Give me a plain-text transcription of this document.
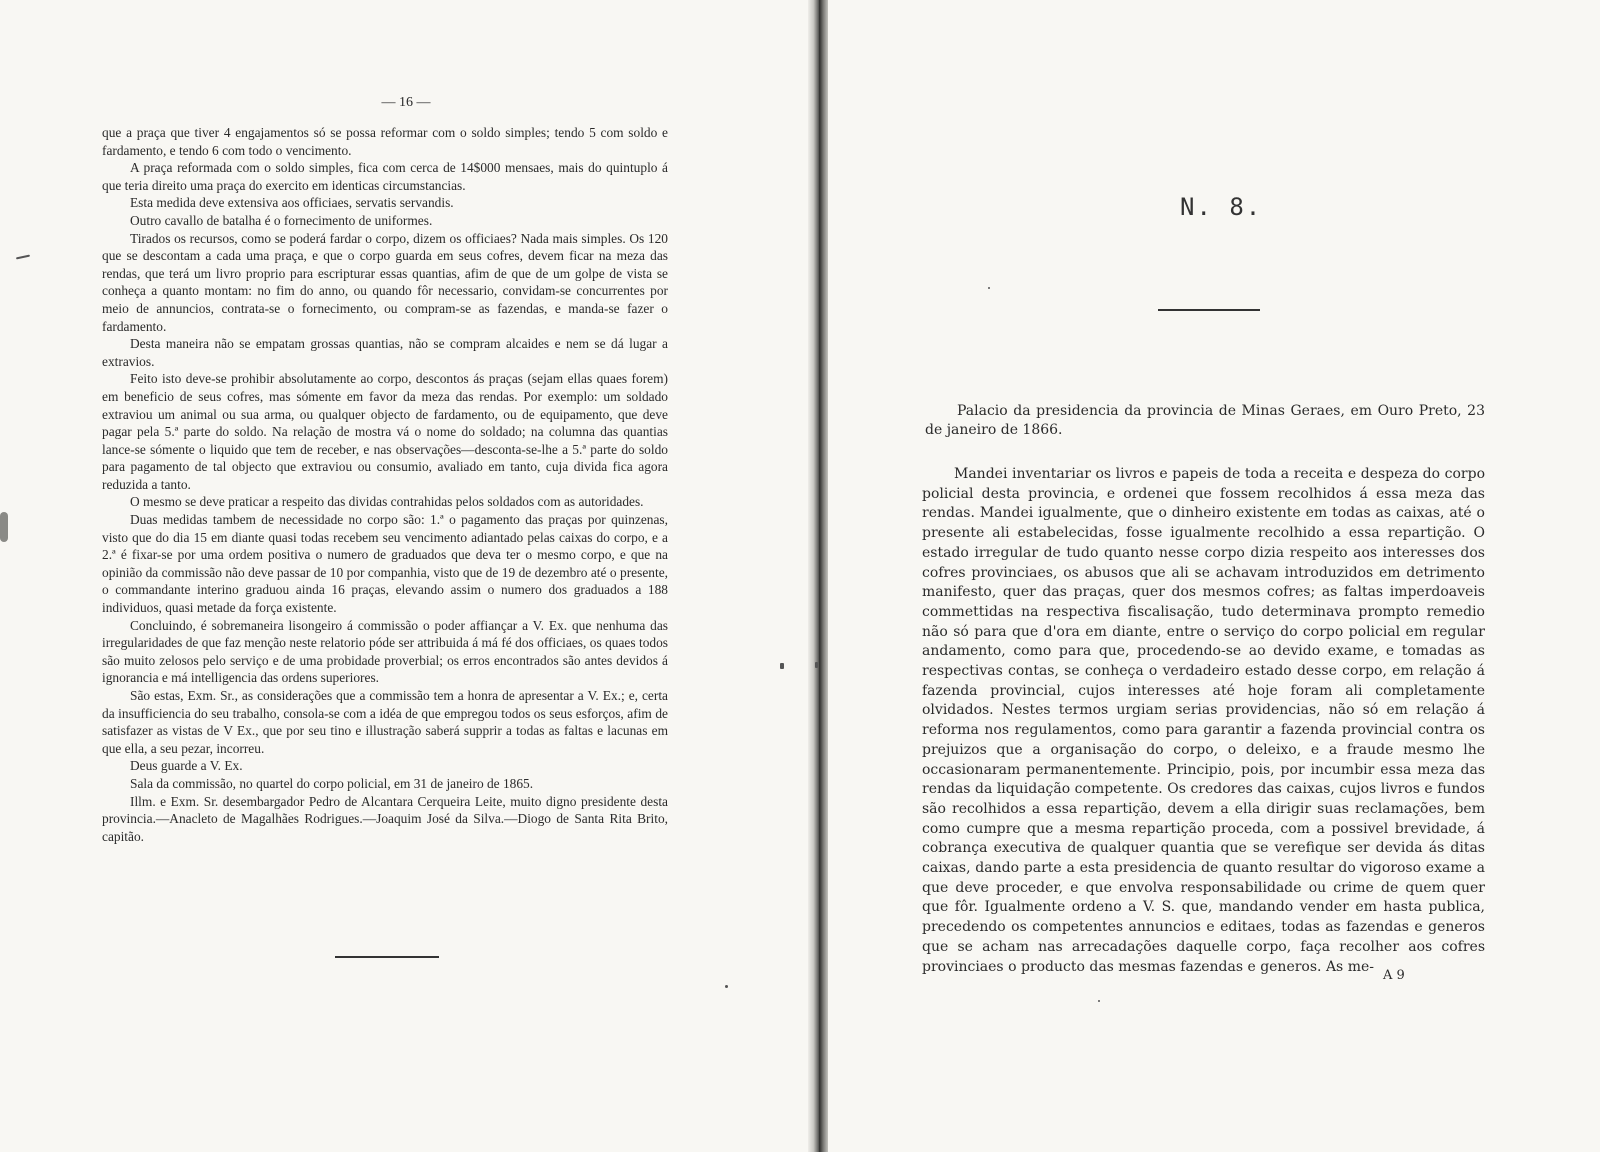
— 16 —

que a praça que tiver 4 engajamentos só se possa reformar com o soldo simples; tendo 5 com soldo e fardamento, e tendo 6 com todo o vencimento.

A praça reformada com o soldo simples, fica com cerca de 14$000 mensaes, mais do quintuplo á que teria direito uma praça do exercito em identicas circumstancias.

Esta medida deve extensiva aos officiaes, servatis servandis.

Outro cavallo de batalha é o fornecimento de uniformes.

Tirados os recursos, como se poderá fardar o corpo, dizem os officiaes? Nada mais simples. Os 120 que se descontam a cada uma praça, e que o corpo guarda em seus cofres, devem ficar na meza das rendas, que terá um livro proprio para escripturar essas quantias, afim de que de um golpe de vista se conheça a quanto montam: no fim do anno, ou quando fôr necessario, convidam-se concurrentes por meio de annuncios, contrata-se o fornecimento, ou compram-se as fazendas, e manda-se fazer o fardamento.

Desta maneira não se empatam grossas quantias, não se compram alcaides e nem se dá lugar a extravios.

Feito isto deve-se prohibir absolutamente ao corpo, descontos ás praças (sejam ellas quaes forem) em beneficio de seus cofres, mas sómente em favor da meza das rendas. Por exemplo: um soldado extraviou um animal ou sua arma, ou qualquer objecto de fardamento, ou de equipamento, que deve pagar pela 5.ª parte do soldo. Na relação de mostra vá o nome do soldado; na columna das quantias lance-se sómente o liquido que tem de receber, e nas observações—desconta-se-lhe a 5.ª parte do soldo para pagamento de tal objecto que extraviou ou consumio, avaliado em tanto, cuja divida fica agora reduzida a tanto.

O mesmo se deve praticar a respeito das dividas contrahidas pelos soldados com as autoridades.

Duas medidas tambem de necessidade no corpo são: 1.ª o pagamento das praças por quinzenas, visto que do dia 15 em diante quasi todas recebem seu vencimento adiantado pelas caixas do corpo, e a 2.ª é fixar-se por uma ordem positiva o numero de graduados que deva ter o mesmo corpo, e que na opinião da commissão não deve passar de 10 por companhia, visto que de 19 de dezembro até o presente, o commandante interino graduou ainda 16 praças, elevando assim o numero dos graduados a 188 individuos, quasi metade da força existente.

Concluindo, é sobremaneira lisongeiro á commissão o poder affiançar a V. Ex. que nenhuma das irregularidades de que faz menção neste relatorio póde ser attribuida á má fé dos officiaes, os quaes todos são muito zelosos pelo serviço e de uma probidade proverbial; os erros encontrados são antes devidos á ignorancia e má intelligencia das ordens superiores.

São estas, Exm. Sr., as considerações que a commissão tem a honra de apresentar a V. Ex.; e, certa da insufficiencia do seu trabalho, consola-se com a idéa de que empregou todos os seus esforços, afim de satisfazer as vistas de V Ex., que por seu tino e illustração saberá supprir a todas as faltas e lacunas em que ella, a seu pezar, incorreu.

Deus guarde a V. Ex.

Sala da commissão, no quartel do corpo policial, em 31 de janeiro de 1865.

Illm. e Exm. Sr. desembargador Pedro de Alcantara Cerqueira Leite, muito digno presidente desta provincia.—Anacleto de Magalhães Rodrigues.—Joaquim José da Silva.—Diogo de Santa Rita Brito, capitão.

N. 8.

Palacio da presidencia da provincia de Minas Geraes, em Ouro Preto, 23 de janeiro de 1866.

Mandei inventariar os livros e papeis de toda a receita e despeza do corpo policial desta provincia, e ordenei que fossem recolhidos á essa meza das rendas. Mandei igualmente, que o dinheiro existente em todas as caixas, até o presente ali estabelecidas, fosse igualmente recolhido a essa repartição. O estado irregular de tudo quanto nesse corpo dizia respeito aos interesses dos cofres provinciaes, os abusos que ali se achavam introduzidos em detrimento manifesto, quer das praças, quer dos mesmos cofres; as faltas imperdoaveis commettidas na respectiva fiscalisação, tudo determinava prompto remedio não só para que d'ora em diante, entre o serviço do corpo policial em regular andamento, como para que, procedendo-se ao devido exame, e tomadas as respectivas contas, se conheça o verdadeiro estado desse corpo, em relação á fazenda provincial, cujos interesses até hoje foram ali completamente olvidados. Nestes termos urgiam serias providencias, não só em relação á reforma nos regulamentos, como para garantir a fazenda provincial contra os prejuizos que a organisação do corpo, o deleixo, e a fraude mesmo lhe occasionaram permanentemente. Principio, pois, por incumbir essa meza das rendas da liquidação competente. Os credores das caixas, cujos livros e fundos são recolhidos a essa repartição, devem a ella dirigir suas reclamações, bem como cumpre que a mesma repartição proceda, com a possivel brevidade, á cobrança executiva de qualquer quantia que se verefique ser devida ás ditas caixas, dando parte a esta presidencia de quanto resultar do vigoroso exame a que deve proceder, e que envolva responsabilidade ou crime de quem quer que fôr. Igualmente ordeno a V. S. que, mandando vender em hasta publica, precedendo os competentes annuncios e editaes, todas as fazendas e generos que se acham nas arrecadações daquelle corpo, faça recolher aos cofres provinciaes o producto das mesmas fazendas e generos. As me-

A 9
